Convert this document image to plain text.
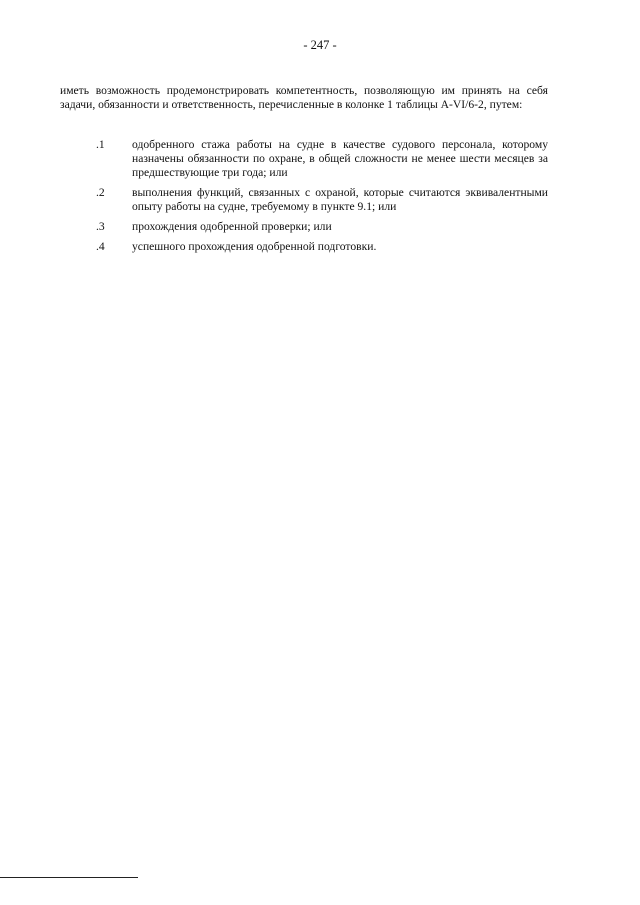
- 247 -

иметь возможность продемонстрировать компетентность, позволяющую им принять на себя задачи, обязанности и ответственность, перечисленные в колонке 1 таблицы A-VI/6-2, путем:

.1	одобренного стажа работы на судне в качестве судового персонала, которому назначены обязанности по охране, в общей сложности не менее шести месяцев за предшествующие три года; или
.2	выполнения функций, связанных с охраной, которые считаются эквивалентными опыту работы на судне, требуемому в пункте 9.1; или
.3	прохождения одобренной проверки; или
.4	успешного прохождения одобренной подготовки.
